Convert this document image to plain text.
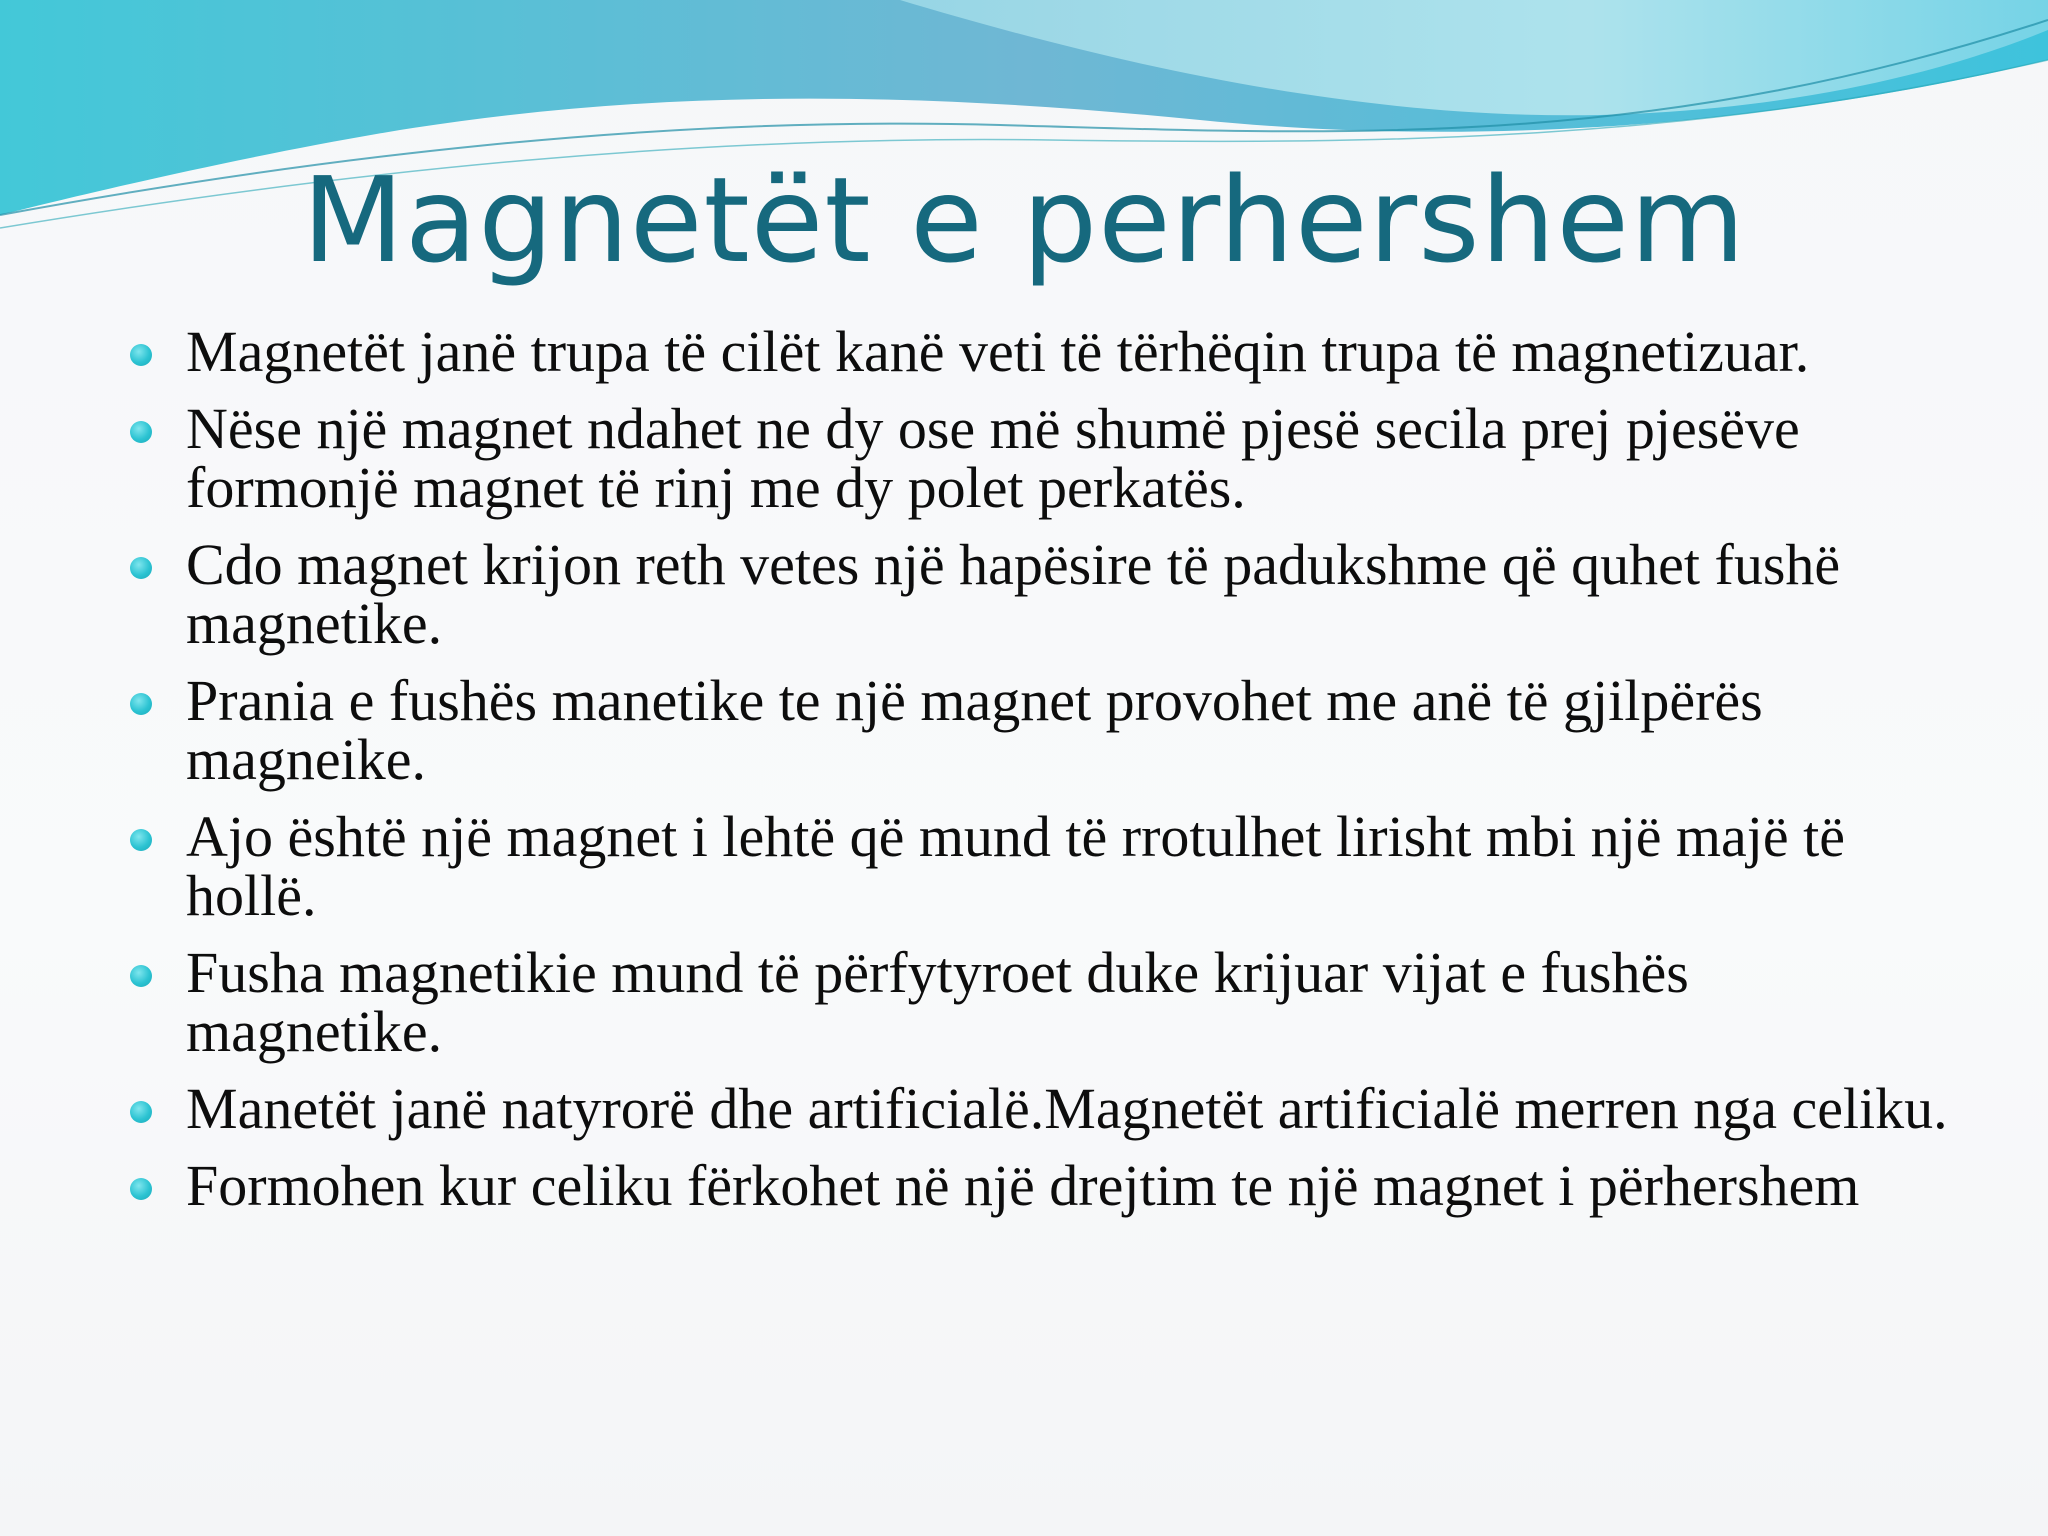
Magnetët e perhershem
Magnetët janë trupa të cilët kanë veti të tërhëqin trupa të magnetizuar.
Nëse një magnet ndahet ne dy ose më shumë pjesë secila prej pjesëve formonjë magnet të rinj me dy polet perkatës.
Cdo magnet krijon reth vetes një hapësire të padukshme që quhet fushë magnetike.
Prania e fushës manetike te një magnet provohet me anë të gjilpërës magneike.
Ajo është një magnet i lehtë që mund të rrotulhet lirisht mbi një majë të hollë.
Fusha magnetikie mund të përfytyroet duke krijuar vijat e fushës magnetike.
Manetët janë natyrorë dhe artificialë.Magnetët artificialë merren nga celiku.
Formohen kur celiku fërkohet në një drejtim te një magnet i përhershem
